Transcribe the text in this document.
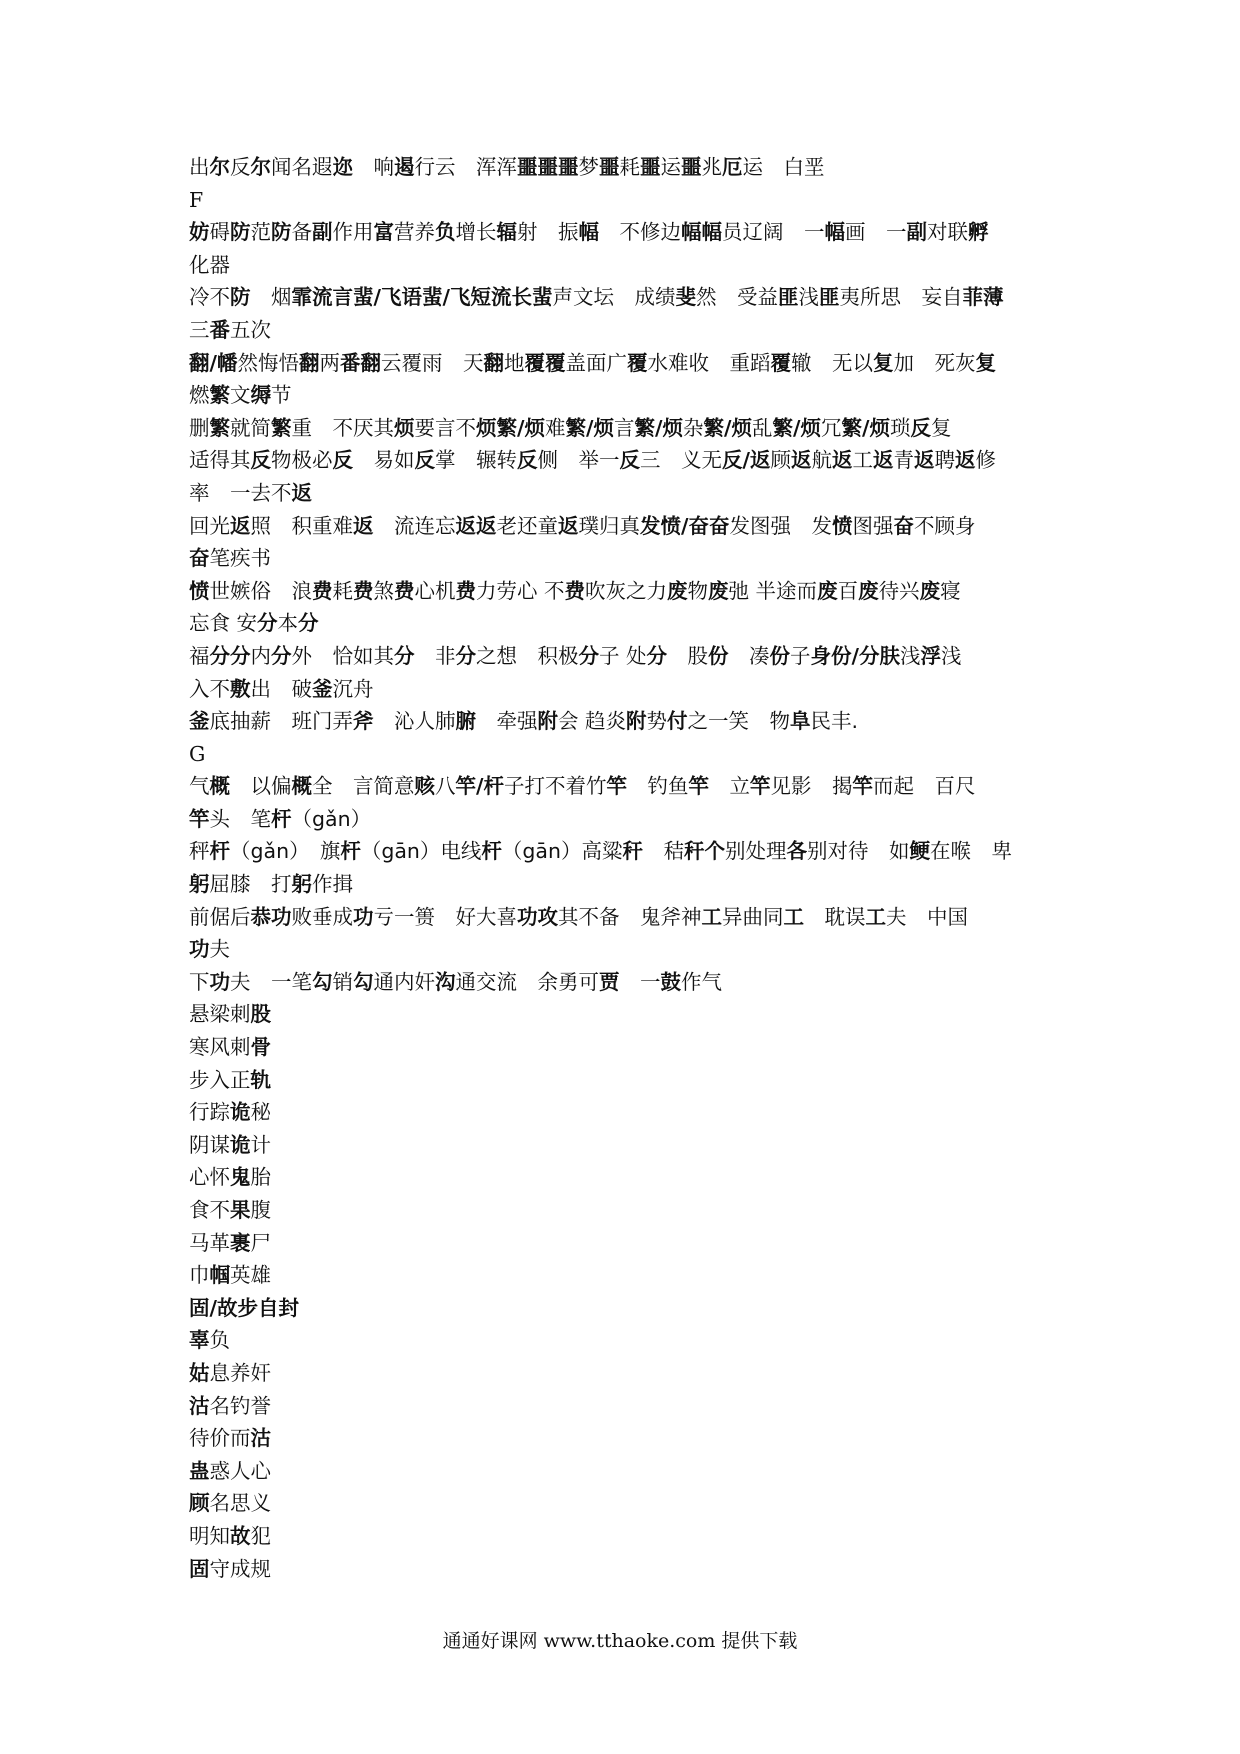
出尔反尔闻名遐迩　响遏行云　浑浑噩噩噩梦噩耗噩运噩兆厄运　白垩
F
妨碍防范防备副作用富营养负增长辐射　振幅　不修边幅幅员辽阔　一幅画　一副对联孵
化器
冷不防　烟霏流言蜚/飞语蜚/飞短流长蜚声文坛　成绩斐然　受益匪浅匪夷所思　妄自菲薄
三番五次
翻/幡然悔悟翻两番翻云覆雨　天翻地覆覆盖面广覆水难收　重蹈覆辙　无以复加　死灰复
燃繁文缛节
删繁就简繁重　不厌其烦要言不烦繁/烦难繁/烦言繁/烦杂繁/烦乱繁/烦冗繁/烦琐反复
适得其反物极必反　易如反掌　辗转反侧　举一反三　义无反/返顾返航返工返青返聘返修
率　一去不返
回光返照　积重难返　流连忘返返老还童返璞归真发愤/奋奋发图强　发愤图强奋不顾身
奋笔疾书
愤世嫉俗　浪费耗费煞费心机费力劳心 不费吹灰之力废物废弛 半途而废百废待兴废寝
忘食 安分本分
福分分内分外　恰如其分　非分之想　积极分子 处分　股份　凑份子身份/分肤浅浮浅
入不敷出　破釜沉舟
釜底抽薪　班门弄斧　沁人肺腑　牵强附会 趋炎附势付之一笑　物阜民丰.
G
气概　以偏概全　言简意赅八竿/杆子打不着竹竿　钓鱼竿　立竿见影　揭竿而起　百尺
竿头　笔杆（gǎn）
秤杆（gǎn）　旗杆（gān）电线杆（gān）高粱秆　秸秆个别处理各别对待　如鲠在喉　卑
躬屈膝　打躬作揖
前倨后恭功败垂成功亏一篑　好大喜功攻其不备　鬼斧神工异曲同工　耽误工夫　中国
功夫
下功夫　一笔勾销勾通内奸沟通交流　余勇可贾　一鼓作气
悬梁刺股
寒风刺骨
步入正轨
行踪诡秘
阴谋诡计
心怀鬼胎
食不果腹
马革裹尸
巾帼英雄
固/故步自封
辜负
姑息养奸
沽名钓誉
待价而沽
蛊惑人心
顾名思义
明知故犯
固守成规
通通好课网 www.tthaoke.com 提供下载
